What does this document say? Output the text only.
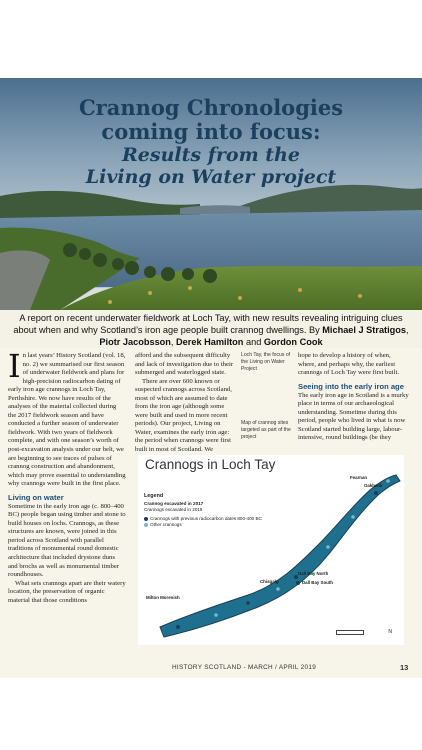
Crannog Chronologies
coming into focus:
Results from the
Living on Water project

A report on recent underwater fieldwork at Loch Tay, with new results revealing intriguing clues about when and why Scotland’s iron age people built crannog dwellings. By Michael J Stratigos, Piotr Jacobsson, Derek Hamilton and Gordon Cook

In last years’ History Scotland (vol. 18, no. 2) we summarised our first season of underwater fieldwork and plans for high-precision radiocarbon dating of early iron age crannogs in Loch Tay, Perthshire. We now have results of the analyses of the material collected during the 2017 fieldwork season and have conducted a further season of underwater fieldwork. With two years of fieldwork complete, and with one season’s worth of post-excavation analysis under our belt, we are beginning to see traces of pulses of crannog construction and abandonment, which may prove essential to understanding why crannogs were built in the first place.

Living on water

Sometime in the early iron age (c. 800–400 BC) people began using timber and stone to build houses on lochs. Crannogs, as these structures are known, were joined in this period across Scotland with parallel traditions of monumental round domestic architecture that included drystone duns and brochs as well as monumental timber roundhouses.

What sets crannogs apart are their watery location, the preservation of organic material that those conditions

afford and the subsequent difficulty and lack of investigation due to their submerged and waterlogged state.

There are over 600 known or suspected crannogs across Scotland, most of which are assumed to date from the iron age (although some were built and used in more recent periods). Our project, Living on Water, examines the early iron age: the period when crannogs were first built in most of Scotland. We

Loch Tay, the focus of the Living on Water Project
Map of crannog sites targeted as part of the project

hope to develop a history of when, where, and perhaps why, the earliest crannogs of Loch Tay were first built.

Seeing into the early iron age

The early iron age in Scotland is a murky place in terms of our archaeological understanding. Sometime during this period, people who lived in what is now Scotland started building large, labour-intensive, round buildings (be they

Crannogs in Loch Tay
Legend
Crannog excavated in 2017
Crannogs excavated in 2018
Crannogs with previous radiocarbon dates 800-400 BC
Other crannogs
Fearnan
Oakbank
Dall Bay North
Dall Bay South
Chisgalg
Milton Morenish
N
HISTORY SCOTLAND - MARCH / APRIL 2019	13
